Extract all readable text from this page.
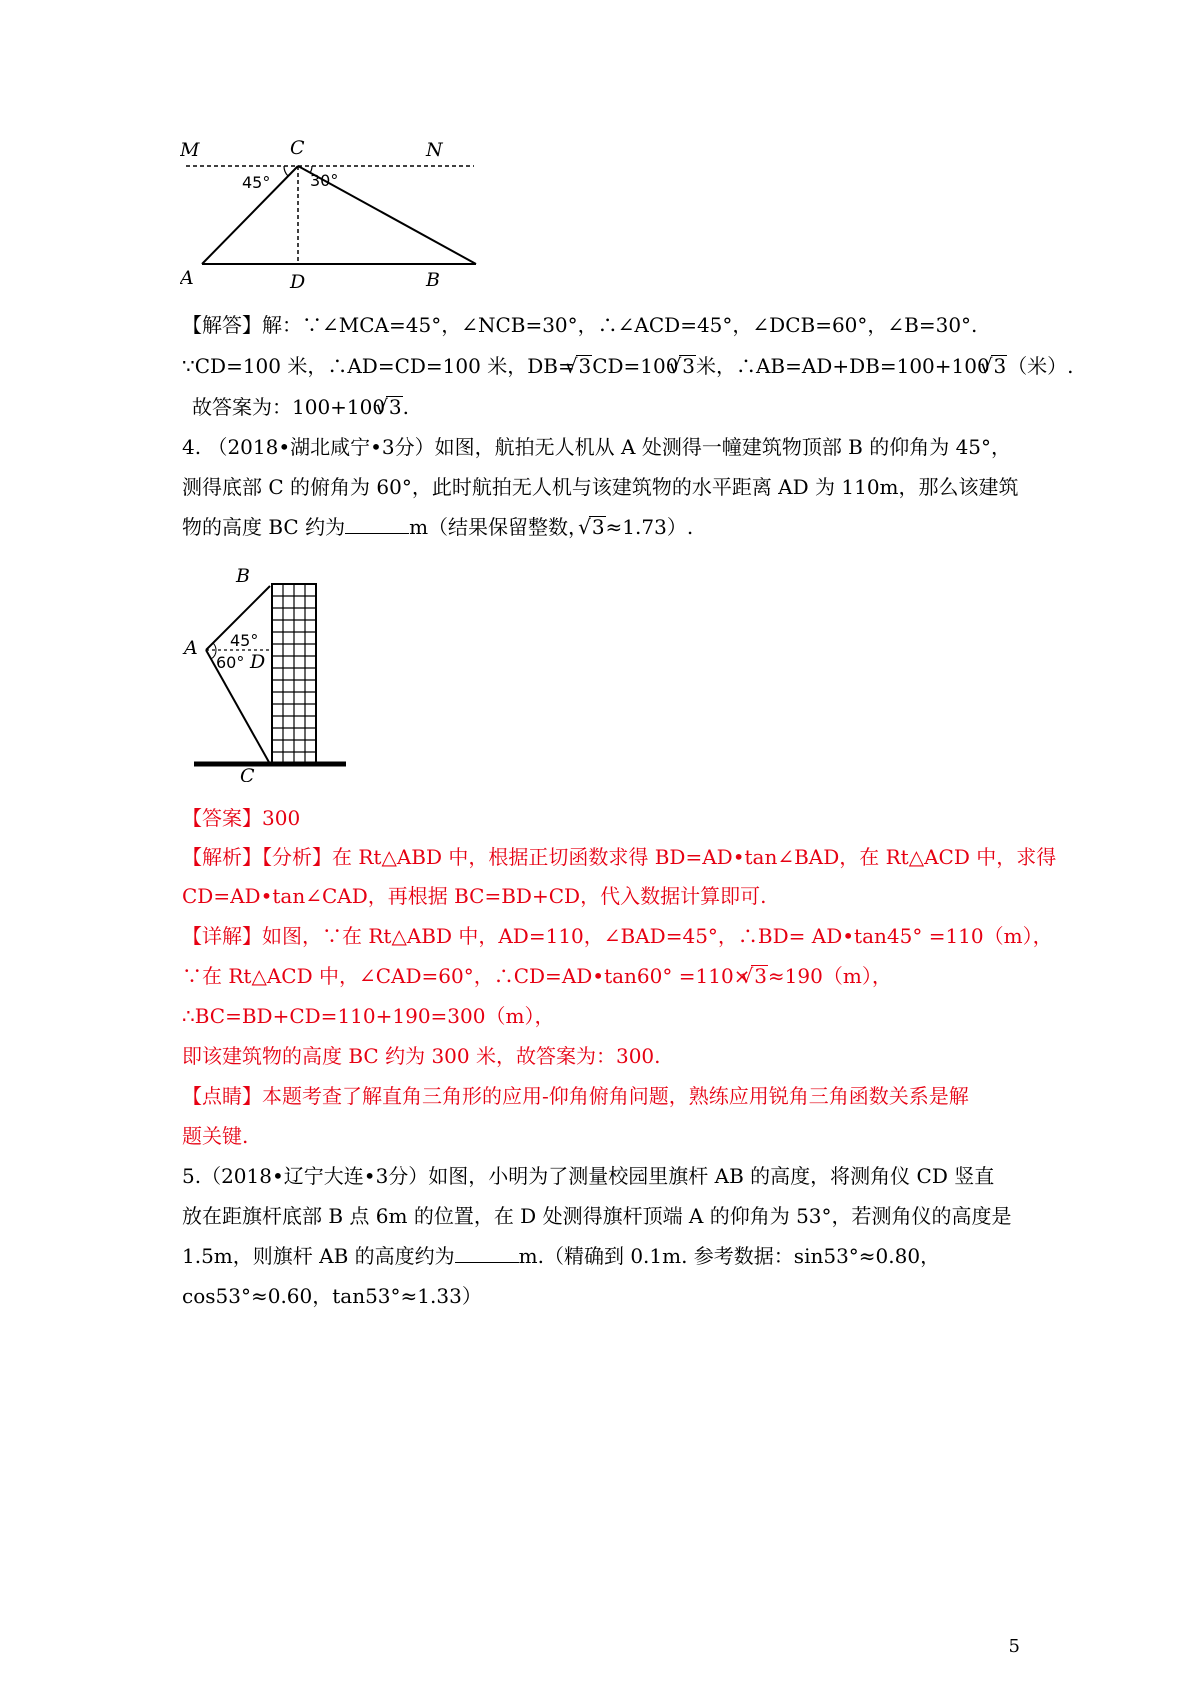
M	C	N
A	D	B
45° 30°
【解答】解：∵∠MCA=45°，∠NCB=30°，∴∠ACD=45°，∠DCB=60°，∠B=30°.
∵CD=100 米，∴AD=CD=100 米，DB= √ 3CD=100 √ 3米，∴AB=AD+DB=100+100 √ 3（米）.
故答案为：100+100 √ 3.
4. （2018•湖北咸宁•3分）如图，航拍无人机从 A 处测得一幢建筑物顶部 B 的仰角为 45°，
测得底部 C 的俯角为 60°，此时航拍无人机与该建筑物的水平距离 AD 为 110m，那么该建筑
物的高度 BC 约为	m（结果保留整数， √ 3≈1.73）.
B
A
D
C
45°
60°
【答案】300
【解析】【分析】在 Rt△ABD 中，根据正切函数求得 BD=AD•tan∠BAD，在 Rt△ACD 中，求得
CD=AD•tan∠CAD，再根据 BC=BD+CD，代入数据计算即可.
【详解】如图，∵在 Rt△ABD 中，AD=110，∠BAD=45°，∴BD= AD•tan45° =110（m），
∵在 Rt△ACD 中，∠CAD=60°，∴CD=AD•tan60° =110× √ 3≈190（m），
∴BC=BD+CD=110+190=300（m），
即该建筑物的高度 BC 约为 300 米，故答案为：300.
【点睛】本题考查了解直角三角形的应用-仰角俯角问题，熟练应用锐角三角函数关系是解
题关键.
5.（2018•辽宁大连•3分）如图，小明为了测量校园里旗杆 AB 的高度，将测角仪 CD 竖直
放在距旗杆底部 B 点 6m 的位置，在 D 处测得旗杆顶端 A 的仰角为 53°，若测角仪的高度是
1.5m，则旗杆 AB 的高度约为	m.（精确到 0.1m. 参考数据：sin53°≈0.80，
cos53°≈0.60，tan53°≈1.33）
5
